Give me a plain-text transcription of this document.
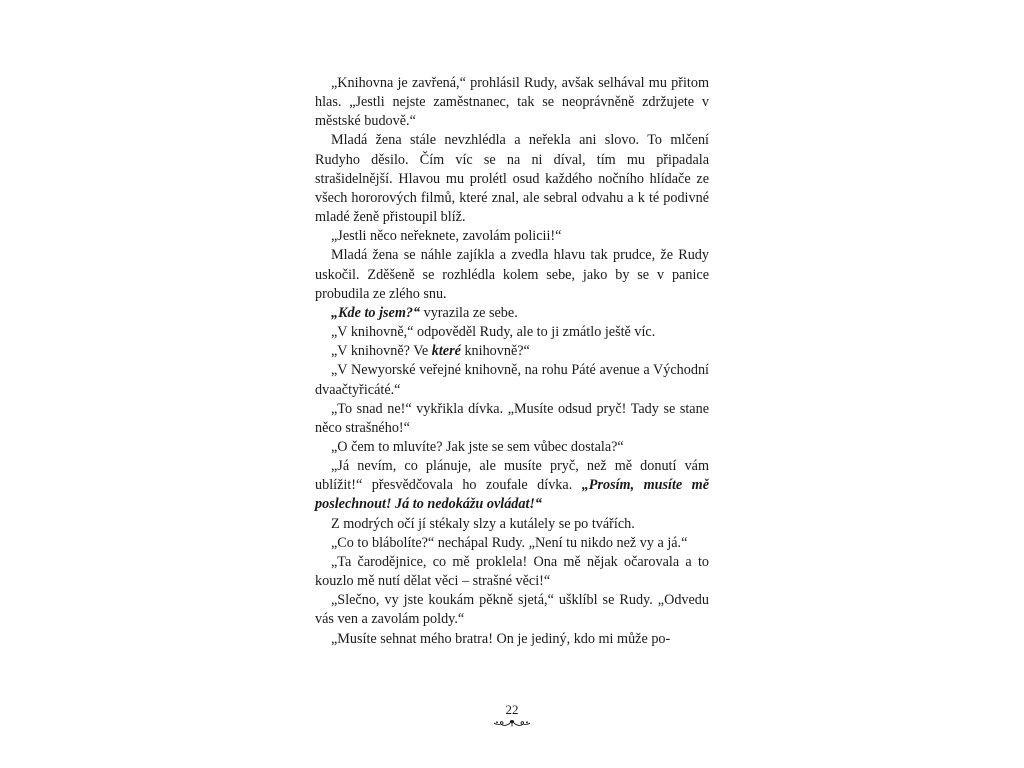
„Knihovna je zavřená,“ prohlásil Rudy, avšak selhával mu přitom hlas. „Jestli nejste zaměstnanec, tak se neoprávněně zdržujete v městské budově.“

Mladá žena stále nevzhlédla a neřekla ani slovo. To mlčení Rudyho děsilo. Čím víc se na ni díval, tím mu připadala strašidelnější. Hlavou mu prolétl osud každého nočního hlídače ze všech hororových filmů, které znal, ale sebral odvahu a k té podivné mladé ženě přistoupil blíž.

„Jestli něco neřeknete, zavolám policii!“

Mladá žena se náhle zajíkla a zvedla hlavu tak prudce, že Rudy uskočil. Zděšeně se rozhlédla kolem sebe, jako by se v panice probudila ze zlého snu.

„Kde to jsem?“ vyrazila ze sebe.

„V knihovně,“ odpověděl Rudy, ale to ji zmátlo ještě víc.

„V knihovně? Ve které knihovně?“

„V Newyorské veřejné knihovně, na rohu Páté avenue a Východní dvaačtyřicáté.“

„To snad ne!“ vykřikla dívka. „Musíte odsud pryč! Tady se stane něco strašného!“

„O čem to mluvíte? Jak jste se sem vůbec dostala?“

„Já nevím, co plánuje, ale musíte pryč, než mě donutí vám ublížit!“ přesvědčovala ho zoufale dívka. „Prosím, musíte mě poslechnout! Já to nedokážu ovládat!“

Z modrých očí jí stékaly slzy a kutálely se po tvářích.

„Co to blábolíte?“ nechápal Rudy. „Není tu nikdo než vy a já.“

„Ta čarodějnice, co mě proklela! Ona mě nějak očarovala a to kouzlo mě nutí dělat věci – strašné věci!“

„Slečno, vy jste koukám pěkně sjetá,“ ušklíbl se Rudy. „Odvedu vás ven a zavolám poldy.“

„Musíte sehnat mého bratra! On je jediný, kdo mi může po-

22
